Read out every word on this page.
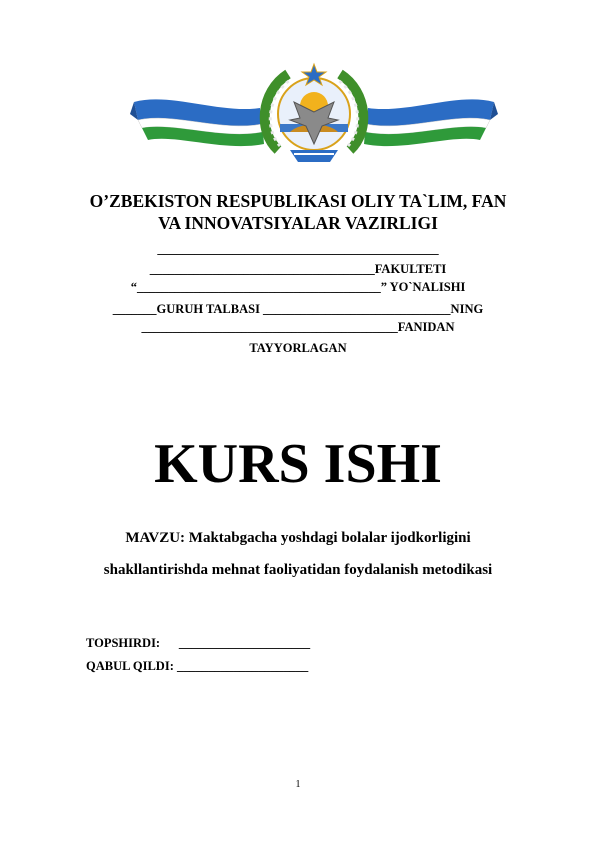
O’ZBEKISTON RESPUBLIKASI OLIY TA`LIM, FAN
VA INNOVATSIYALAR VAZIRLIGI
_____________________________________________
____________________________________FAKULTETI
“_______________________________________” YO`NALISHI
_______GURUH TALBASI ______________________________NING
_________________________________________FANIDAN
TAYYORLAGAN
KURS ISHI
MAVZU: Maktabgacha yoshdagi bolalar ijodkorligini
shakllantirishda mehnat faoliyatidan foydalanish metodikasi
TOPSHIRDI:      _____________________
QABUL QILDI: _____________________
1
